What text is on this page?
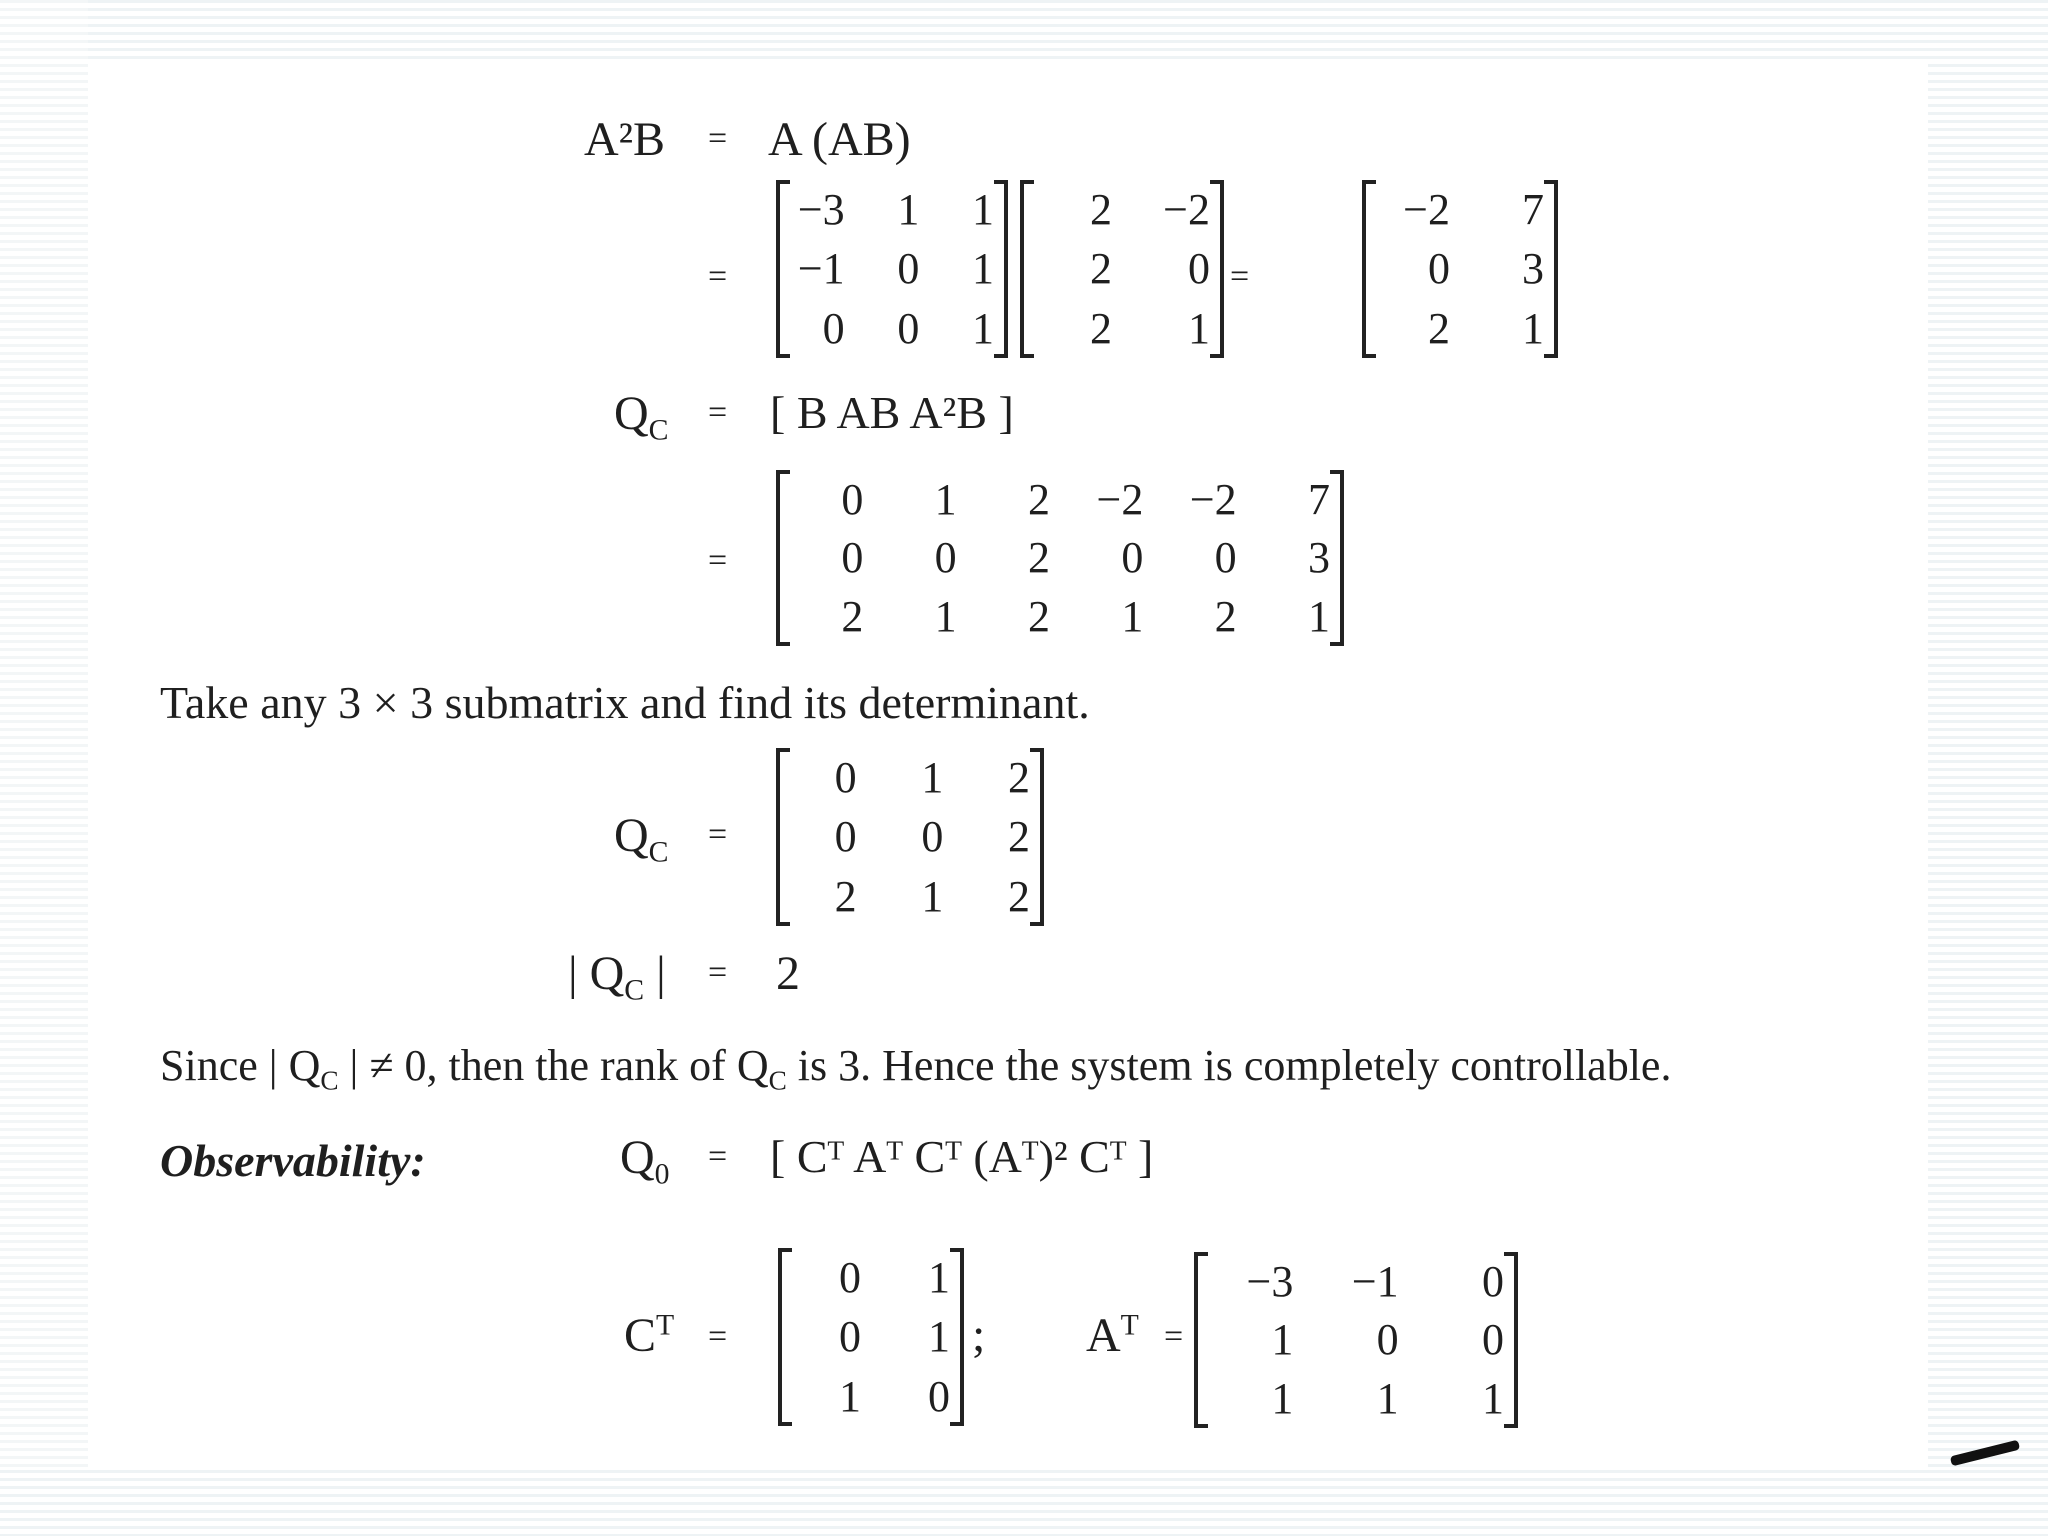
A²B = A (AB)
=
−3	1	1
−1	0	1
0	0	1
2	−2
2	0
2	1
=
−2	7
0	3
2	1
$Q_C$ = [ B AB A²B ]
=
0	1	2	−2	−2	7
0	0	2	0	0	3
2	1	2	1	2	1
Take any 3 × 3 submatrix and find its determinant.
$Q_C$ =
0	1	2
0	0	2
2	1	2
| $Q_C$ | = 2
Since | $Q_C$ | ≠ 0, then the rank of $Q_C$ is 3. Hence the system is completely controllable.
Observability:	$Q_0$ = [ Cᵀ Aᵀ Cᵀ (Aᵀ)² Cᵀ ]
$C^T$ =
0	1
0	1
1	0
; $A^T$ =
−3	−1	0
1	0	0
1	1	1
